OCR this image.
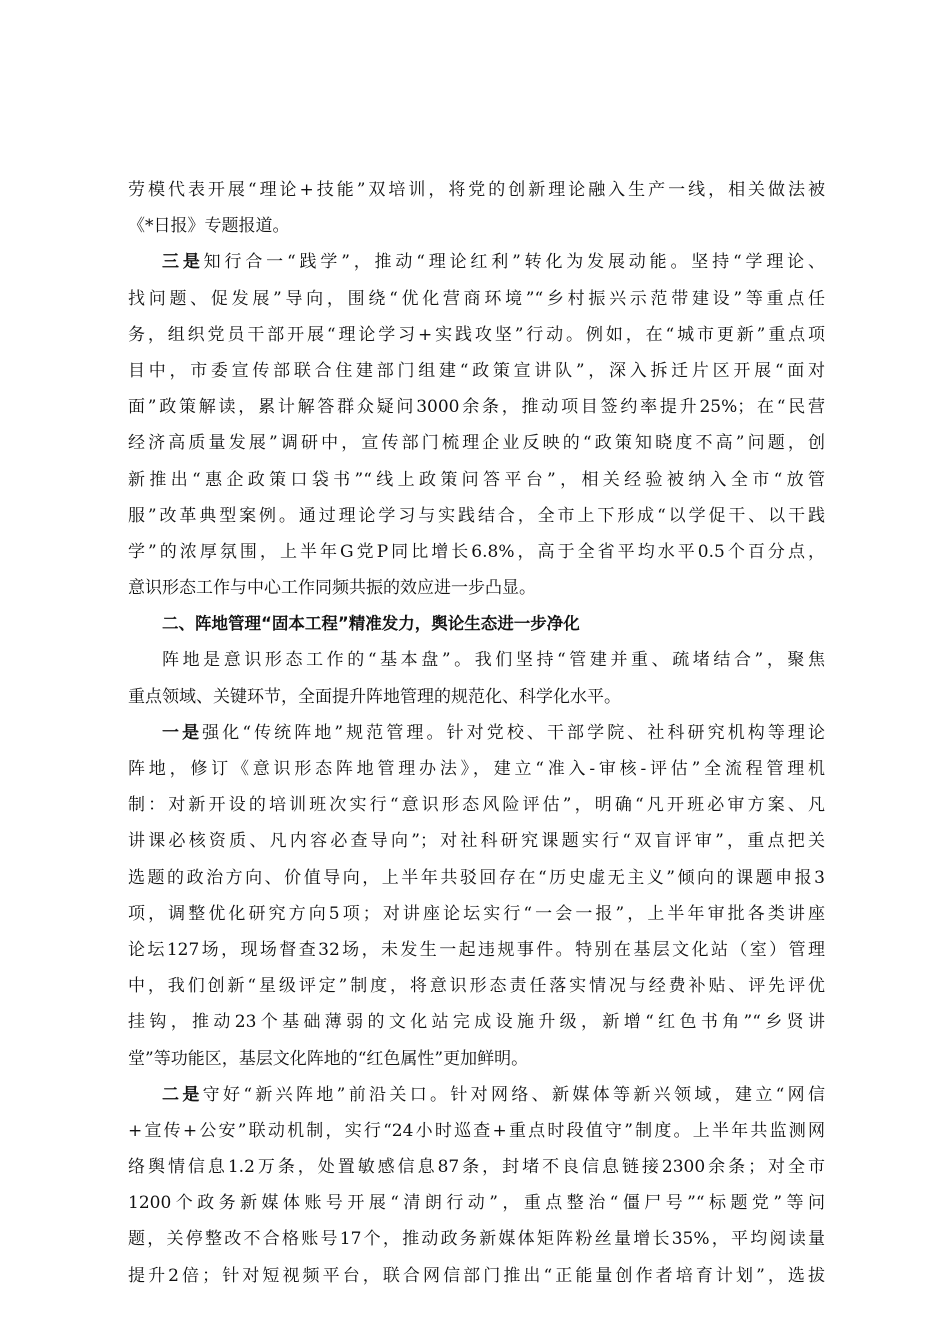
劳模代表开展“理论+技能”双培训，将党的创新理论融入生产一线，相关做法被
《*日报》专题报道。
三是知行合一“践学”，推动“理论红利”转化为发展动能。坚持“学理论、
找问题、促发展”导向，围绕“优化营商环境”“乡村振兴示范带建设”等重点任
务，组织党员干部开展“理论学习+实践攻坚”行动。例如，在“城市更新”重点项
目中，市委宣传部联合住建部门组建“政策宣讲队”，深入拆迁片区开展“面对
面”政策解读，累计解答群众疑问3000余条，推动项目签约率提升25%；在“民营
经济高质量发展”调研中，宣传部门梳理企业反映的“政策知晓度不高”问题，创
新推出“惠企政策口袋书”“线上政策问答平台”，相关经验被纳入全市“放管
服”改革典型案例。通过理论学习与实践结合，全市上下形成“以学促干、以干践
学”的浓厚氛围，上半年G党P同比增长6.8%，高于全省平均水平0.5个百分点，
意识形态工作与中心工作同频共振的效应进一步凸显。
二、阵地管理“固本工程”精准发力，舆论生态进一步净化
阵地是意识形态工作的“基本盘”。我们坚持“管建并重、疏堵结合”，聚焦
重点领域、关键环节，全面提升阵地管理的规范化、科学化水平。
一是强化“传统阵地”规范管理。针对党校、干部学院、社科研究机构等理论
阵地，修订《意识形态阵地管理办法》，建立“准入-审核-评估”全流程管理机
制：对新开设的培训班次实行“意识形态风险评估”，明确“凡开班必审方案、凡
讲课必核资质、凡内容必查导向”；对社科研究课题实行“双盲评审”，重点把关
选题的政治方向、价值导向，上半年共驳回存在“历史虚无主义”倾向的课题申报3
项，调整优化研究方向5项；对讲座论坛实行“一会一报”，上半年审批各类讲座
论坛127场，现场督查32场，未发生一起违规事件。特别在基层文化站（室）管理
中，我们创新“星级评定”制度，将意识形态责任落实情况与经费补贴、评先评优
挂钩，推动23个基础薄弱的文化站完成设施升级，新增“红色书角”“乡贤讲
堂”等功能区，基层文化阵地的“红色属性”更加鲜明。
二是守好“新兴阵地”前沿关口。针对网络、新媒体等新兴领域，建立“网信
+宣传+公安”联动机制，实行“24小时巡查+重点时段值守”制度。上半年共监测网
络舆情信息1.2万条，处置敏感信息87条，封堵不良信息链接2300余条；对全市
1200个政务新媒体账号开展“清朗行动”，重点整治“僵尸号”“标题党”等问
题，关停整改不合格账号17个，推动政务新媒体矩阵粉丝量增长35%，平均阅读量
提升2倍；针对短视频平台，联合网信部门推出“正能量创作者培育计划”，选拔
